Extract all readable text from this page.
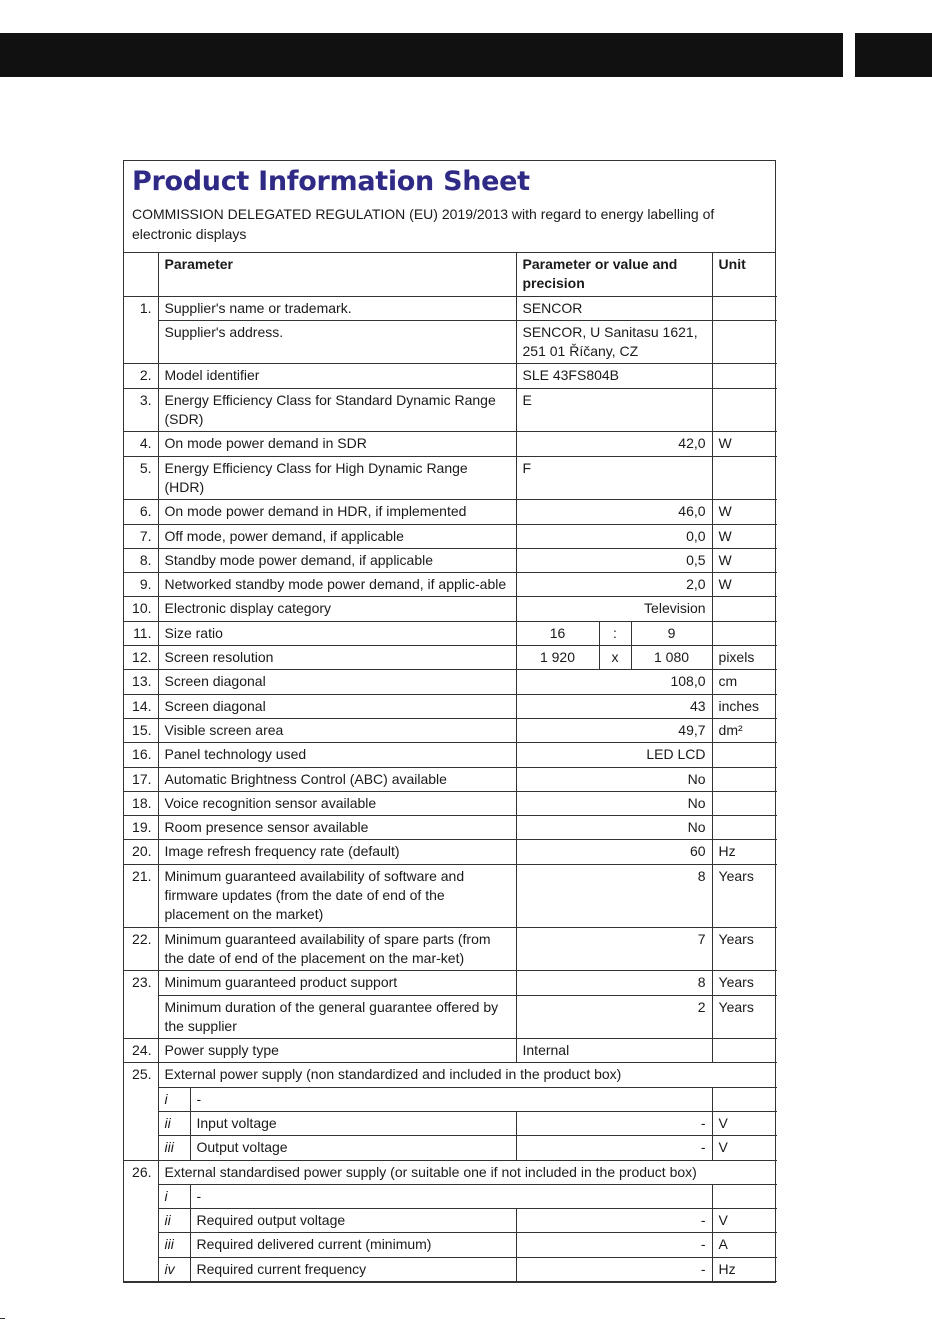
Product Information Sheet
COMMISSION DELEGATED REGULATION (EU) 2019/2013 with regard to energy labelling of electronic displays
	Parameter		Parameter or value and precision			Unit
1.	Supplier's name or trademark.		SENCOR			
	Supplier's address.		SENCOR, U Sanitasu 1621, 251 01 Říčany, CZ			
2.	Model identifier		SLE 43FS804B			
3.	Energy Efficiency Class for Standard Dynamic Range (SDR)		E			
4.	On mode power demand in SDR		42,0			W
5.	Energy Efficiency Class for High Dynamic Range (HDR)		F			
6.	On mode power demand in HDR, if implemented		46,0			W
7.	Off mode, power demand, if applicable		0,0			W
8.	Standby mode power demand, if applicable		0,5			W
9.	Networked standby mode power demand, if applic-able		2,0			W
10.	Electronic display category		Television			
11.	Size ratio		16	:	9	
12.	Screen resolution		1 920	x	1 080	pixels
13.	Screen diagonal		108,0			cm
14.	Screen diagonal		43			inches
15.	Visible screen area		49,7			dm²
16.	Panel technology used		LED LCD			
17.	Automatic Brightness Control (ABC) available		No			
18.	Voice recognition sensor available		No			
19.	Room presence sensor available		No			
20.	Image refresh frequency rate (default)		60			Hz
21.	Minimum guaranteed availability of software and firmware updates (from the date of end of the placement on the market)		8			Years
22.	Minimum guaranteed availability of spare parts (from the date of end of the placement on the mar-ket)		7			Years
23.	Minimum guaranteed product support		8			Years
	Minimum duration of the general guarantee offered by the supplier		2			Years
24.	Power supply type		Internal			
25.	External power supply (non standardized and included in the product box)					
	i	-				
	ii	Input voltage	-			V
	iii	Output voltage	-			V
26.	External standardised power supply (or suitable one if not included in the product box)					
	i	-				
	ii	Required output voltage	-			V
	iii	Required delivered current (minimum)	-			A
	iv	Required current frequency	-			Hz
